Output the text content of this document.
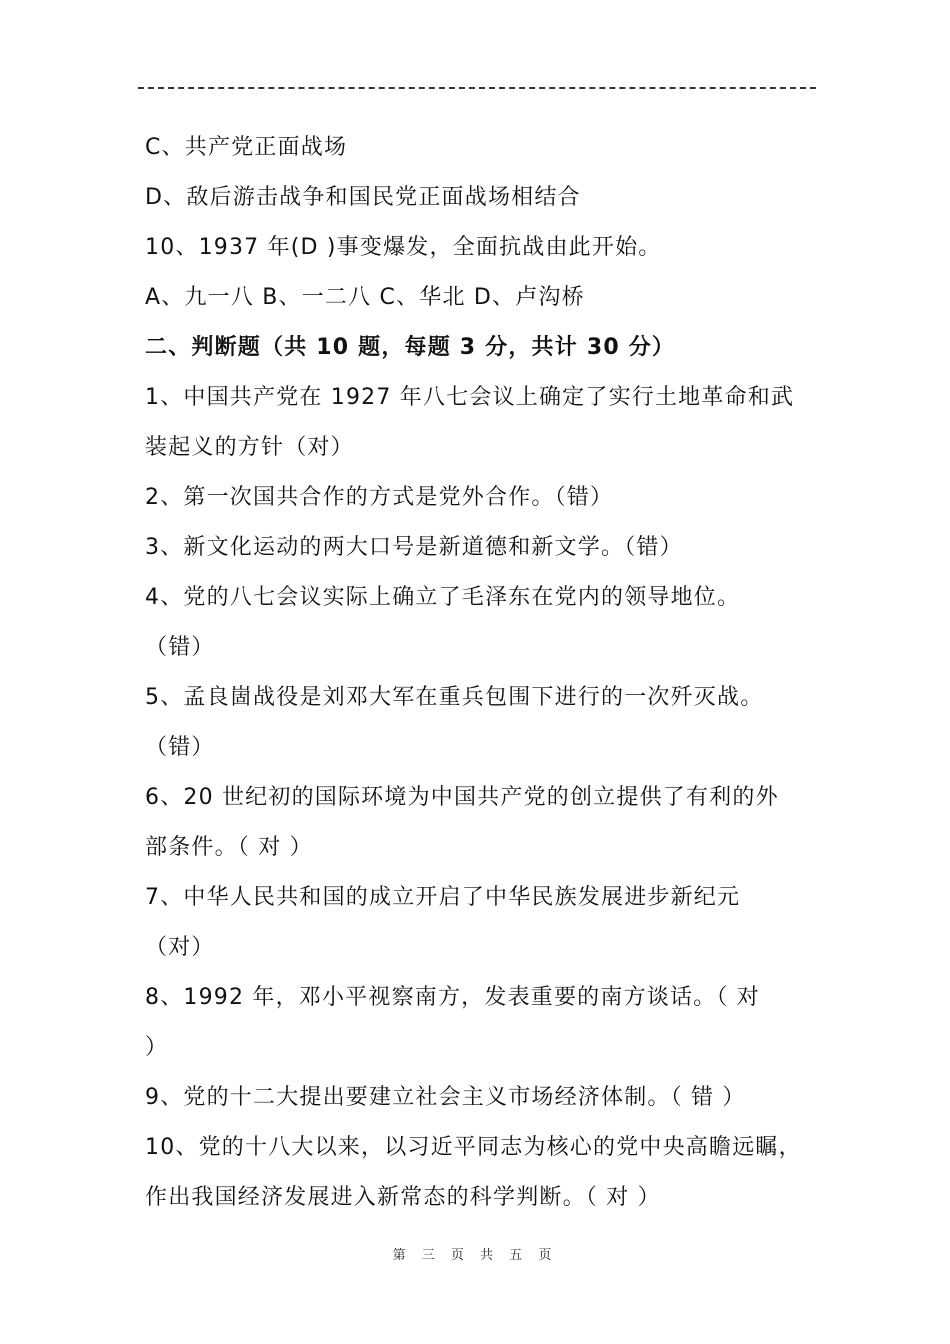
C、共产党正面战场
D、敌后游击战争和国民党正面战场相结合
10、1937 年(D )事变爆发，全面抗战由此开始。
A、九一八 B、一二八 C、华北 D、卢沟桥
二、判断题（共 10 题，每题 3 分，共计 30 分）
1、中国共产党在 1927 年八七会议上确定了实行土地革命和武
装起义的方针（对）
2、第一次国共合作的方式是党外合作。（错）
3、新文化运动的两大口号是新道德和新文学。（错）
4、党的八七会议实际上确立了毛泽东在党内的领导地位。
（错）
5、孟良崮战役是刘邓大军在重兵包围下进行的一次歼灭战。
（错）
6、20 世纪初的国际环境为中国共产党的创立提供了有利的外
部条件。（ 对 ）
7、中华人民共和国的成立开启了中华民族发展进步新纪元
（对）
8、1992 年，邓小平视察南方，发表重要的南方谈话。（ 对
）
9、党的十二大提出要建立社会主义市场经济体制。（ 错 ）
10、党的十八大以来，以习近平同志为核心的党中央高瞻远瞩，
作出我国经济发展进入新常态的科学判断。（ 对 ）
第 三 页 共 五 页
